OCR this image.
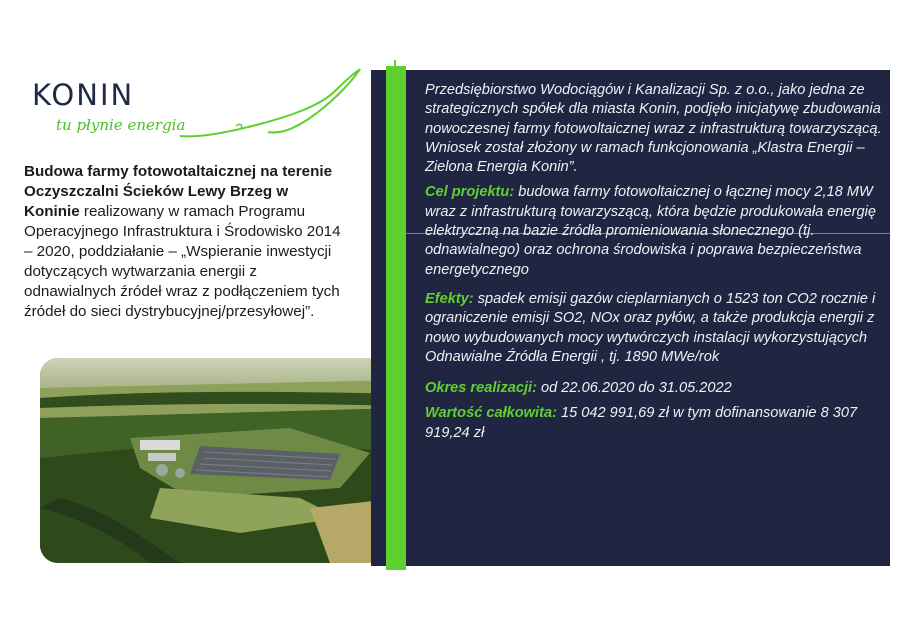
KONIN
tu płynie energia
Budowa farmy fotowotaltaicznej na terenie Oczyszczalni Ścieków Lewy Brzeg w Koninie realizowany w ramach Programu Operacyjnego Infrastruktura i Środowisko 2014 – 2020, poddziałanie – „Wspieranie inwestycji dotyczących wytwarzania energii z odnawialnych źródeł wraz z podłączeniem tych źródeł do sieci dystrybucyjnej/przesyłowej”.

Przedsiębiorstwo Wodociągów i Kanalizacji Sp. z o.o., jako jedna ze strategicznych spółek dla miasta Konin, podjęło inicjatywę zbudowania nowoczesnej farmy fotowoltaicznej wraz z infrastrukturą towarzyszącą. Wniosek został złożony w ramach funkcjonowania „Klastra Energii – Zielona Energia Konin”.

Cel projektu: budowa farmy fotowoltaicznej o łącznej mocy 2,18 MW wraz z infrastrukturą towarzyszącą, która będzie produkowała energię elektryczną na bazie źródła promieniowania słonecznego (tj. odnawialnego) oraz ochrona środowiska i poprawa bezpieczeństwa energetycznego

Efekty: spadek emisji gazów cieplarnianych o 1523 ton CO2 rocznie i ograniczenie emisji SO2, NOx oraz pyłów, a także produkcja energii z nowo wybudowanych mocy wytwórczych instalacji wykorzystujących Odnawialne Źródła Energii , tj. 1890 MWe/rok

Okres realizacji: od 22.06.2020 do 31.05.2022

Wartość całkowita: 15 042 991,69 zł w tym dofinansowanie 8 307 919,24 zł
